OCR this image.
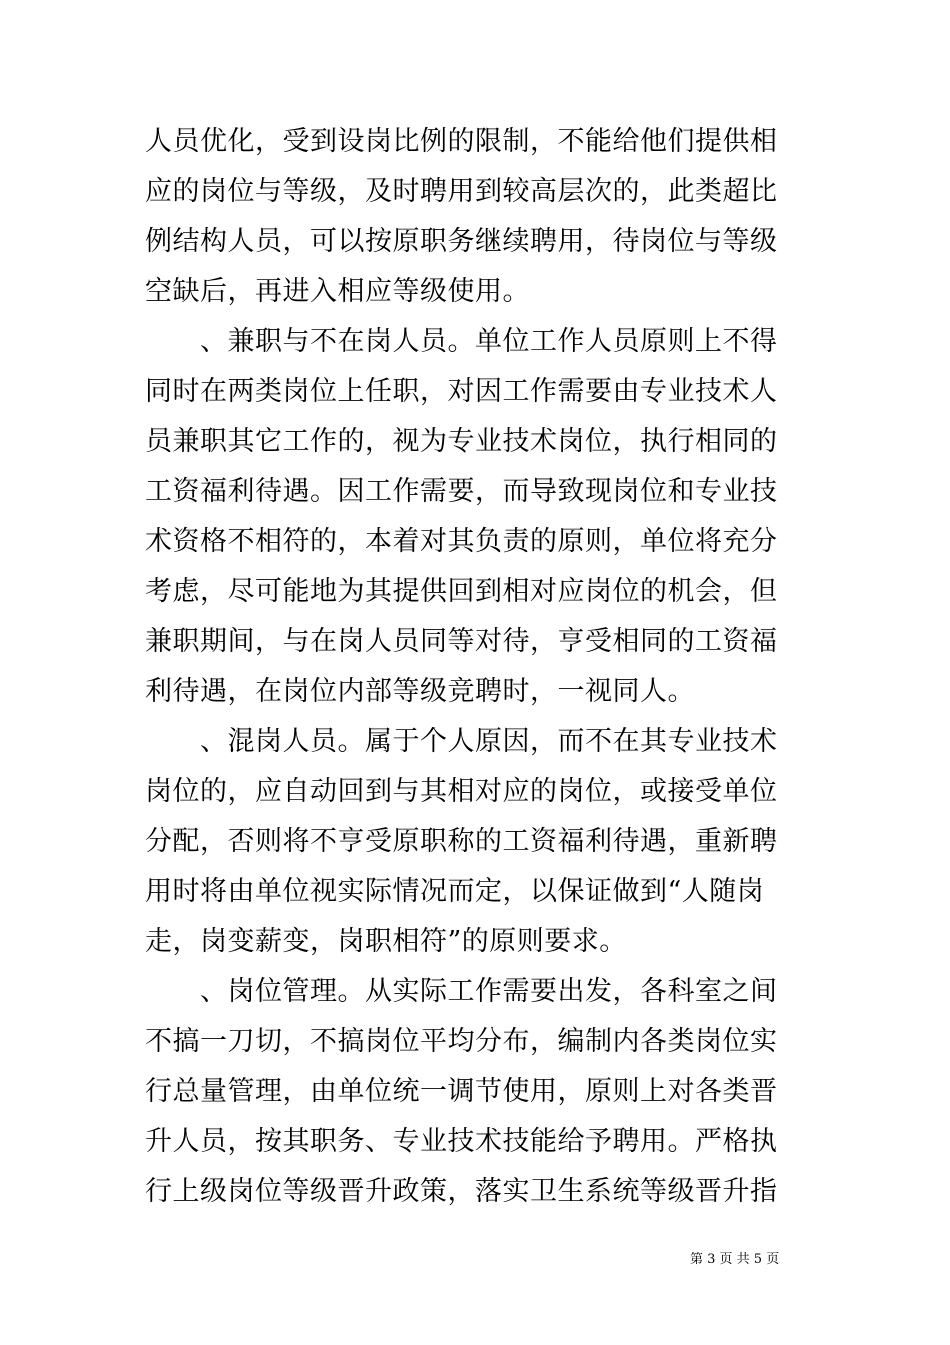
人员优化，受到设岗比例的限制，不能给他们提供相
应的岗位与等级，及时聘用到较高层次的，此类超比
例结构人员，可以按原职务继续聘用，待岗位与等级
空缺后，再进入相应等级使用。
　　、兼职与不在岗人员。单位工作人员原则上不得
同时在两类岗位上任职，对因工作需要由专业技术人
员兼职其它工作的，视为专业技术岗位，执行相同的
工资福利待遇。因工作需要，而导致现岗位和专业技
术资格不相符的，本着对其负责的原则，单位将充分
考虑，尽可能地为其提供回到相对应岗位的机会，但
兼职期间，与在岗人员同等对待，亨受相同的工资福
利待遇，在岗位内部等级竞聘时，一视同人。
　　、混岗人员。属于个人原因，而不在其专业技术
岗位的，应自动回到与其相对应的岗位，或接受单位
分配，否则将不亨受原职称的工资福利待遇，重新聘
用时将由单位视实际情况而定，以保证做到“人随岗
走，岗变薪变，岗职相符”的原则要求。
　　、岗位管理。从实际工作需要出发，各科室之间
不搞一刀切，不搞岗位平均分布，编制内各类岗位实
行总量管理，由单位统一调节使用，原则上对各类晋
升人员，按其职务、专业技术技能给予聘用。严格执
行上级岗位等级晋升政策，落实卫生系统等级晋升指
第 3 页 共 5 页
